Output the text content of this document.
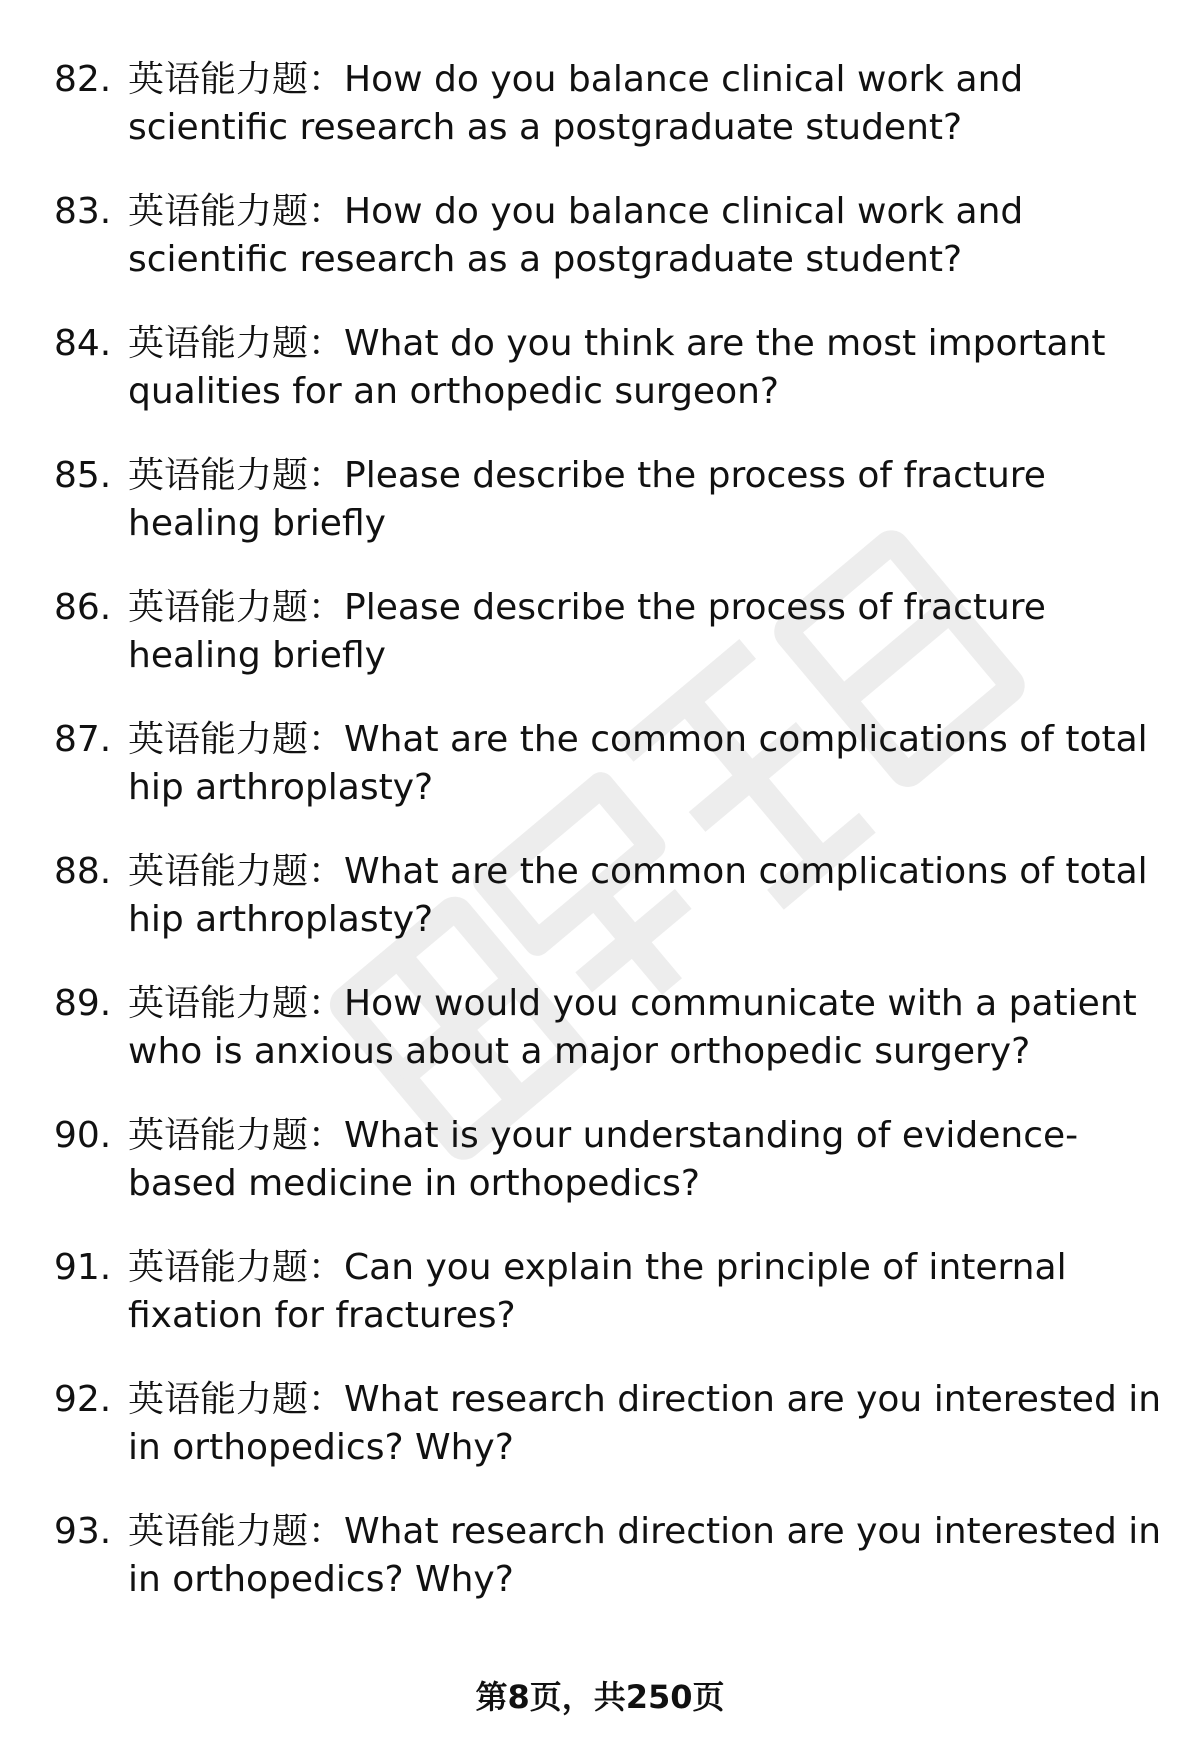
82. 英语能力题：How do you balance clinical work and scientific research as a postgraduate student?
83. 英语能力题：How do you balance clinical work and scientific research as a postgraduate student?
84. 英语能力题：What do you think are the most important qualities for an orthopedic surgeon?
85. 英语能力题：Please describe the process of fracture healing briefly
86. 英语能力题：Please describe the process of fracture healing briefly
87. 英语能力题：What are the common complications of total hip arthroplasty?
88. 英语能力题：What are the common complications of total hip arthroplasty?
89. 英语能力题：How would you communicate with a patient who is anxious about a major orthopedic surgery?
90. 英语能力题：What is your understanding of evidence-based medicine in orthopedics?
91. 英语能力题：Can you explain the principle of internal fixation for fractures?
92. 英语能力题：What research direction are you interested in in orthopedics? Why?
93. 英语能力题：What research direction are you interested in in orthopedics? Why?
第8页，共250页
